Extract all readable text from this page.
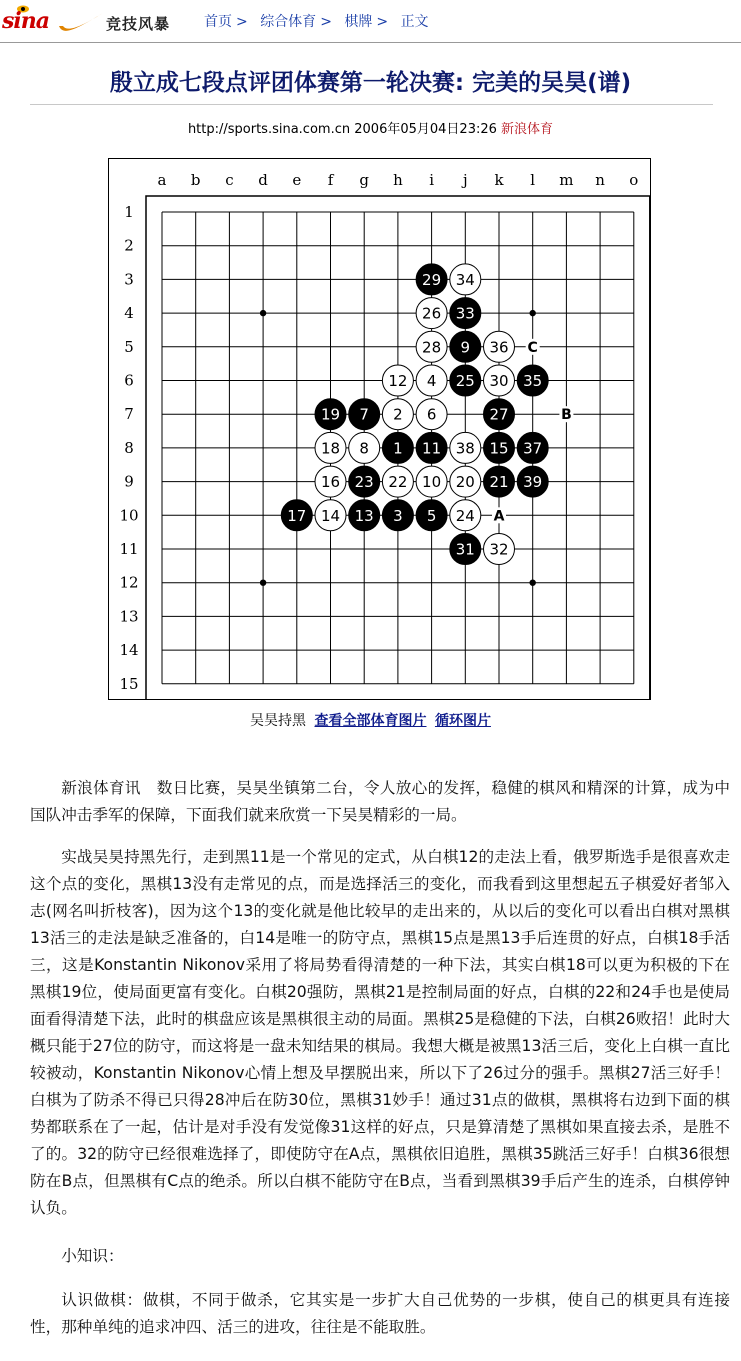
sina	竞技风暴 首页 > 综合体育 > 棋牌 > 正文
殷立成七段点评团体赛第一轮决赛: 完美的吴昊(谱)
http://sports.sina.com.cn 2006年05月04日23:26 新浪体育
a b c d e f g h i j k l m n o
1
2
3
4
5
6
7
8
9
10
11
12
13
14
15
A
B
C
1
2
3
4
5
6
7
8
9
10
11
12
13
14
15
16
17
18
19
20 21
22
23
24
25
26
27
28
29
30
31 32
33
34
35
36
37
38
39
吴昊持黑 查看全部体育图片 循环图片

新浪体育讯　数日比赛，吴昊坐镇第二台，令人放心的发挥，稳健的棋风和精深的计算，成为中国队冲击季军的保障，下面我们就来欣赏一下吴昊精彩的一局。

实战吴昊持黑先行，走到黑11是一个常见的定式，从白棋12的走法上看，俄罗斯选手是很喜欢走这个点的变化，黑棋13没有走常见的点，而是选择活三的变化，而我看到这里想起五子棋爱好者邹入志(网名叫折枝客)，因为这个13的变化就是他比较早的走出来的，从以后的变化可以看出白棋对黑棋13活三的走法是缺乏准备的，白14是唯一的防守点，黑棋15点是黑13手后连贯的好点，白棋18手活三，这是Konstantin Nikonov采用了将局势看得清楚的一种下法，其实白棋18可以更为积极的下在黑棋19位，使局面更富有变化。白棋20强防，黑棋21是控制局面的好点，白棋的22和24手也是使局面看得清楚下法，此时的棋盘应该是黑棋很主动的局面。黑棋25是稳健的下法，白棋26败招！此时大概只能于27位的防守，而这将是一盘未知结果的棋局。我想大概是被黑13活三后，变化上白棋一直比较被动，Konstantin Nikonov心情上想及早摆脱出来，所以下了26过分的强手。黑棋27活三好手！白棋为了防杀不得已只得28冲后在防30位，黑棋31妙手！通过31点的做棋，黑棋将右边到下面的棋势都联系在了一起，估计是对手没有发觉像31这样的好点，只是算清楚了黑棋如果直接去杀，是胜不了的。32的防守已经很难选择了，即使防守在A点，黑棋依旧追胜，黑棋35跳活三好手！白棋36很想防在B点，但黑棋有C点的绝杀。所以白棋不能防守在B点，当看到黑棋39手后产生的连杀，白棋停钟认负。

小知识：

认识做棋：做棋，不同于做杀，它其实是一步扩大自己优势的一步棋，使自己的棋更具有连接性，那种单纯的追求冲四、活三的进攻，往往是不能取胜。
